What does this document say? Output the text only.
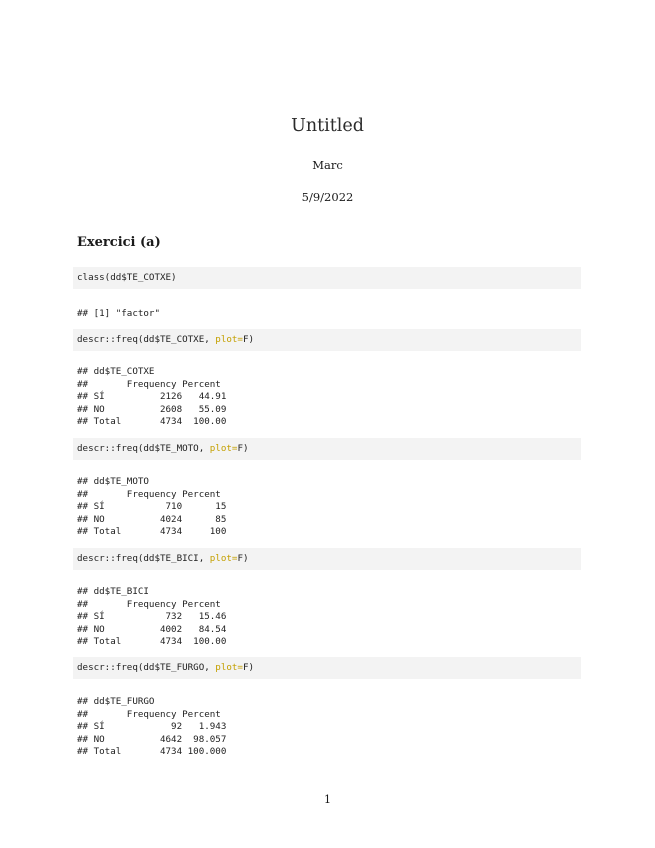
Untitled
Marc
5/9/2022
Exercici (a)
class(dd$TE_COTXE)
## [1] "factor"
descr::freq(dd$TE_COTXE, plot=F)
## dd$TE_COTXE
##       Frequency Percent
## SÍ          2126   44.91
## NO          2608   55.09
## Total       4734  100.00
descr::freq(dd$TE_MOTO, plot=F)
## dd$TE_MOTO
##       Frequency Percent
## SÍ           710      15
## NO          4024      85
## Total       4734     100
descr::freq(dd$TE_BICI, plot=F)
## dd$TE_BICI
##       Frequency Percent
## SÍ           732   15.46
## NO          4002   84.54
## Total       4734  100.00
descr::freq(dd$TE_FURGO, plot=F)
## dd$TE_FURGO
##       Frequency Percent
## SÍ            92   1.943
## NO          4642  98.057
## Total       4734 100.000
1
